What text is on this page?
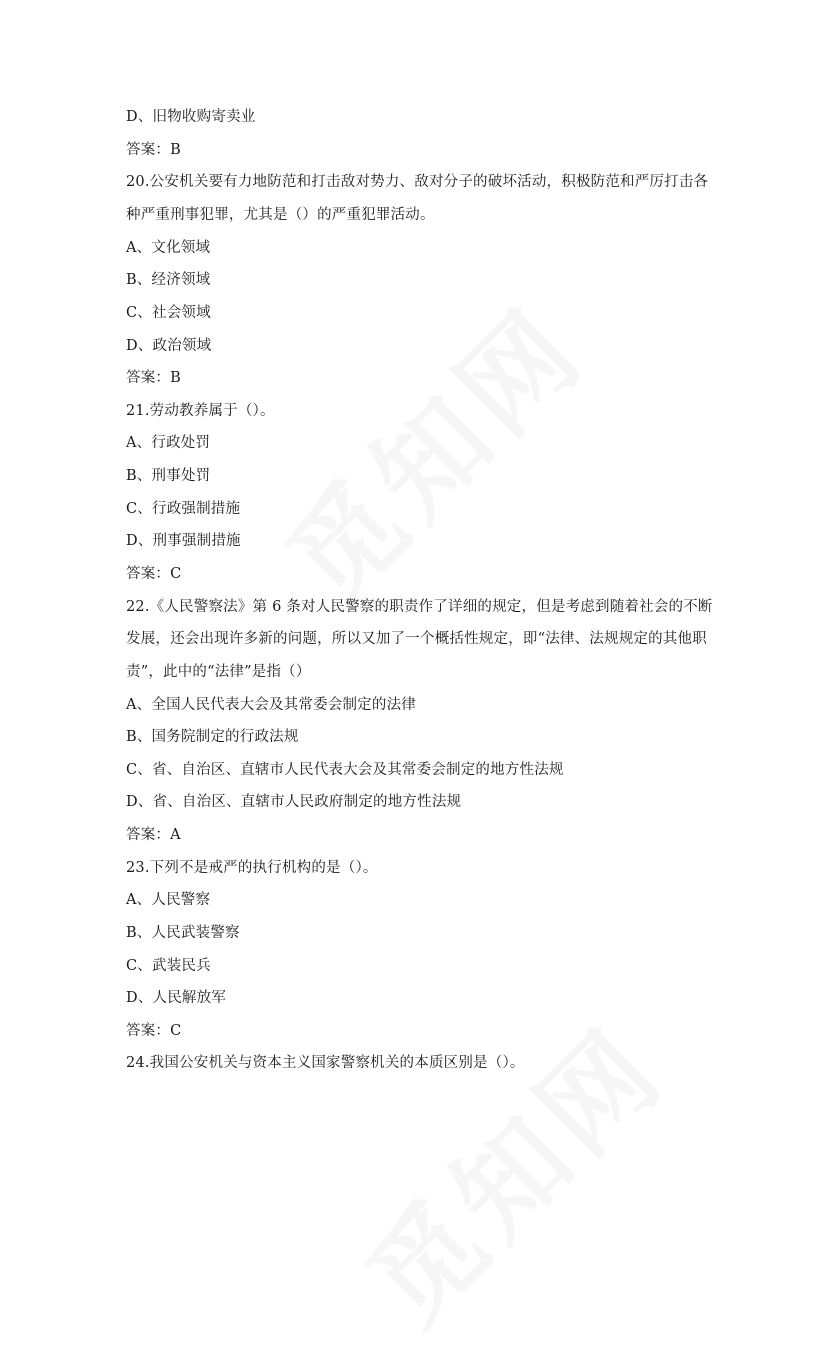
D、旧物收购寄卖业
答案：B
20.公安机关要有力地防范和打击敌对势力、敌对分子的破坏活动，积极防范和严厉打击各
种严重刑事犯罪，尤其是（）的严重犯罪活动。
A、文化领域
B、经济领域
C、社会领域
D、政治领域
答案：B
21.劳动教养属于（）。
A、行政处罚
B、刑事处罚
C、行政强制措施
D、刑事强制措施
答案：C
22.《人民警察法》第 6 条对人民警察的职责作了详细的规定，但是考虑到随着社会的不断
发展，还会出现许多新的问题，所以又加了一个概括性规定，即“法律、法规规定的其他职
责”，此中的“法律”是指（）
A、全国人民代表大会及其常委会制定的法律
B、国务院制定的行政法规
C、省、自治区、直辖市人民代表大会及其常委会制定的地方性法规
D、省、自治区、直辖市人民政府制定的地方性法规
答案：A
23.下列不是戒严的执行机构的是（）。
A、人民警察
B、人民武装警察
C、武装民兵
D、人民解放军
答案：C
24.我国公安机关与资本主义国家警察机关的本质区别是（）。
